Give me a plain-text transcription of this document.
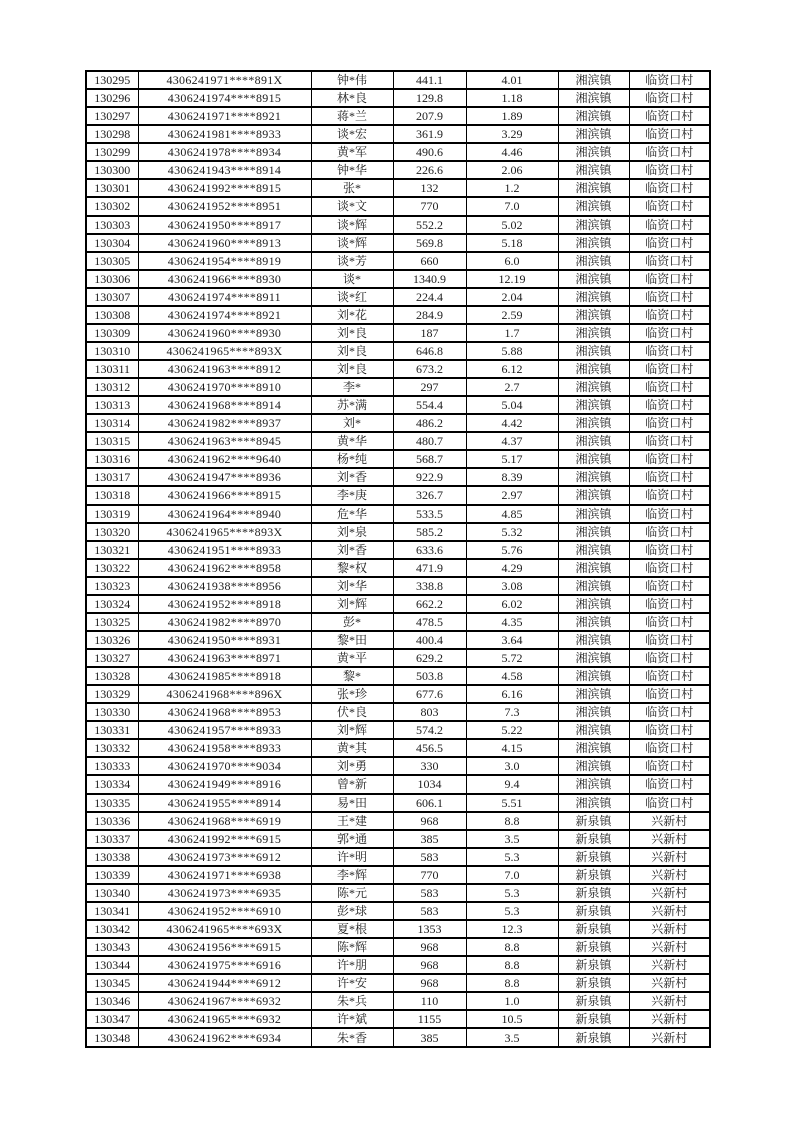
130295	4306241971****891X	钟*伟	441.1	4.01	湘滨镇	临资口村
130296	4306241974****8915	林*良	129.8	1.18	湘滨镇	临资口村
130297	4306241971****8921	蒋*兰	207.9	1.89	湘滨镇	临资口村
130298	4306241981****8933	谈*宏	361.9	3.29	湘滨镇	临资口村
130299	4306241978****8934	黄*军	490.6	4.46	湘滨镇	临资口村
130300	4306241943****8914	钟*华	226.6	2.06	湘滨镇	临资口村
130301	4306241992****8915	张*	132	1.2	湘滨镇	临资口村
130302	4306241952****8951	谈*文	770	7.0	湘滨镇	临资口村
130303	4306241950****8917	谈*辉	552.2	5.02	湘滨镇	临资口村
130304	4306241960****8913	谈*辉	569.8	5.18	湘滨镇	临资口村
130305	4306241954****8919	谈*芳	660	6.0	湘滨镇	临资口村
130306	4306241966****8930	谈*	1340.9	12.19	湘滨镇	临资口村
130307	4306241974****8911	谈*红	224.4	2.04	湘滨镇	临资口村
130308	4306241974****8921	刘*花	284.9	2.59	湘滨镇	临资口村
130309	4306241960****8930	刘*良	187	1.7	湘滨镇	临资口村
130310	4306241965****893X	刘*良	646.8	5.88	湘滨镇	临资口村
130311	4306241963****8912	刘*良	673.2	6.12	湘滨镇	临资口村
130312	4306241970****8910	李*	297	2.7	湘滨镇	临资口村
130313	4306241968****8914	苏*满	554.4	5.04	湘滨镇	临资口村
130314	4306241982****8937	刘*	486.2	4.42	湘滨镇	临资口村
130315	4306241963****8945	黄*华	480.7	4.37	湘滨镇	临资口村
130316	4306241962****9640	杨*纯	568.7	5.17	湘滨镇	临资口村
130317	4306241947****8936	刘*香	922.9	8.39	湘滨镇	临资口村
130318	4306241966****8915	李*庚	326.7	2.97	湘滨镇	临资口村
130319	4306241964****8940	危*华	533.5	4.85	湘滨镇	临资口村
130320	4306241965****893X	刘*泉	585.2	5.32	湘滨镇	临资口村
130321	4306241951****8933	刘*香	633.6	5.76	湘滨镇	临资口村
130322	4306241962****8958	黎*权	471.9	4.29	湘滨镇	临资口村
130323	4306241938****8956	刘*华	338.8	3.08	湘滨镇	临资口村
130324	4306241952****8918	刘*辉	662.2	6.02	湘滨镇	临资口村
130325	4306241982****8970	彭*	478.5	4.35	湘滨镇	临资口村
130326	4306241950****8931	黎*田	400.4	3.64	湘滨镇	临资口村
130327	4306241963****8971	黄*平	629.2	5.72	湘滨镇	临资口村
130328	4306241985****8918	黎*	503.8	4.58	湘滨镇	临资口村
130329	4306241968****896X	张*珍	677.6	6.16	湘滨镇	临资口村
130330	4306241968****8953	伏*良	803	7.3	湘滨镇	临资口村
130331	4306241957****8933	刘*辉	574.2	5.22	湘滨镇	临资口村
130332	4306241958****8933	黄*其	456.5	4.15	湘滨镇	临资口村
130333	4306241970****9034	刘*勇	330	3.0	湘滨镇	临资口村
130334	4306241949****8916	曾*新	1034	9.4	湘滨镇	临资口村
130335	4306241955****8914	易*田	606.1	5.51	湘滨镇	临资口村
130336	4306241968****6919	王*建	968	8.8	新泉镇	兴新村
130337	4306241992****6915	郭*通	385	3.5	新泉镇	兴新村
130338	4306241973****6912	许*明	583	5.3	新泉镇	兴新村
130339	4306241971****6938	李*辉	770	7.0	新泉镇	兴新村
130340	4306241973****6935	陈*元	583	5.3	新泉镇	兴新村
130341	4306241952****6910	彭*球	583	5.3	新泉镇	兴新村
130342	4306241965****693X	夏*根	1353	12.3	新泉镇	兴新村
130343	4306241956****6915	陈*辉	968	8.8	新泉镇	兴新村
130344	4306241975****6916	许*朋	968	8.8	新泉镇	兴新村
130345	4306241944****6912	许*安	968	8.8	新泉镇	兴新村
130346	4306241967****6932	朱*兵	110	1.0	新泉镇	兴新村
130347	4306241965****6932	许*斌	1155	10.5	新泉镇	兴新村
130348	4306241962****6934	朱*香	385	3.5	新泉镇	兴新村
